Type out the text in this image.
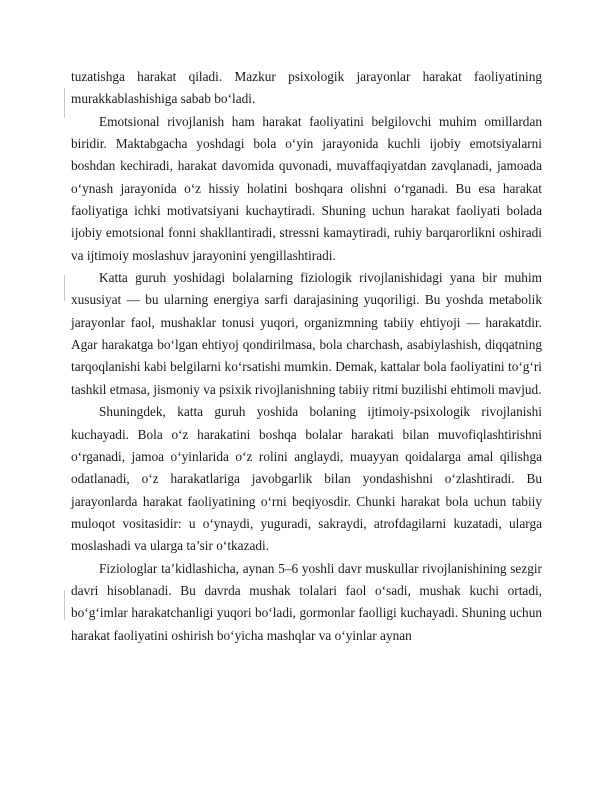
tuzatishga harakat qiladi. Mazkur psixologik jarayonlar harakat faoliyatining murakkablashishiga sabab bo‘ladi.

Emotsional rivojlanish ham harakat faoliyatini belgilovchi muhim omillardan biridir. Maktabgacha yoshdagi bola o‘yin jarayonida kuchli ijobiy emotsiyalarni boshdan kechiradi, harakat davomida quvonadi, muvaffaqiyatdan zavqlanadi, jamoada o‘ynash jarayonida o‘z hissiy holatini boshqara olishni o‘rganadi. Bu esa harakat faoliyatiga ichki motivatsiyani kuchaytiradi. Shuning uchun harakat faoliyati bolada ijobiy emotsional fonni shakllantiradi, stressni kamaytiradi, ruhiy barqarorlikni oshiradi va ijtimoiy moslashuv jarayonini yengillashtiradi.

Katta guruh yoshidagi bolalarning fiziologik rivojlanishidagi yana bir muhim xususiyat — bu ularning energiya sarfi darajasining yuqoriligi. Bu yoshda metabolik jarayonlar faol, mushaklar tonusi yuqori, organizmning tabiiy ehtiyoji — harakatdir. Agar harakatga bo‘lgan ehtiyoj qondirilmasa, bola charchash, asabiylashish, diqqatning tarqoqlanishi kabi belgilarni ko‘rsatishi mumkin. Demak, kattalar bola faoliyatini to‘g‘ri tashkil etmasa, jismoniy va psixik rivojlanishning tabiiy ritmi buzilishi ehtimoli mavjud.

Shuningdek, katta guruh yoshida bolaning ijtimoiy-psixologik rivojlanishi kuchayadi. Bola o‘z harakatini boshqa bolalar harakati bilan muvofiqlashtirishni o‘rganadi, jamoa o‘yinlarida o‘z rolini anglaydi, muayyan qoidalarga amal qilishga odatlanadi, o‘z harakatlariga javobgarlik bilan yondashishni o‘zlashtiradi. Bu jarayonlarda harakat faoliyatining o‘rni beqiyosdir. Chunki harakat bola uchun tabiiy muloqot vositasidir: u o‘ynaydi, yuguradi, sakraydi, atrofdagilarni kuzatadi, ularga moslashadi va ularga ta’sir o‘tkazadi.

Fiziologlar ta’kidlashicha, aynan 5–6 yoshli davr muskullar rivojlanishining sezgir davri hisoblanadi. Bu davrda mushak tolalari faol o‘sadi, mushak kuchi ortadi, bo‘g‘imlar harakatchanligi yuqori bo‘ladi, gormonlar faolligi kuchayadi. Shuning uchun harakat faoliyatini oshirish bo‘yicha mashqlar va o‘yinlar aynan
